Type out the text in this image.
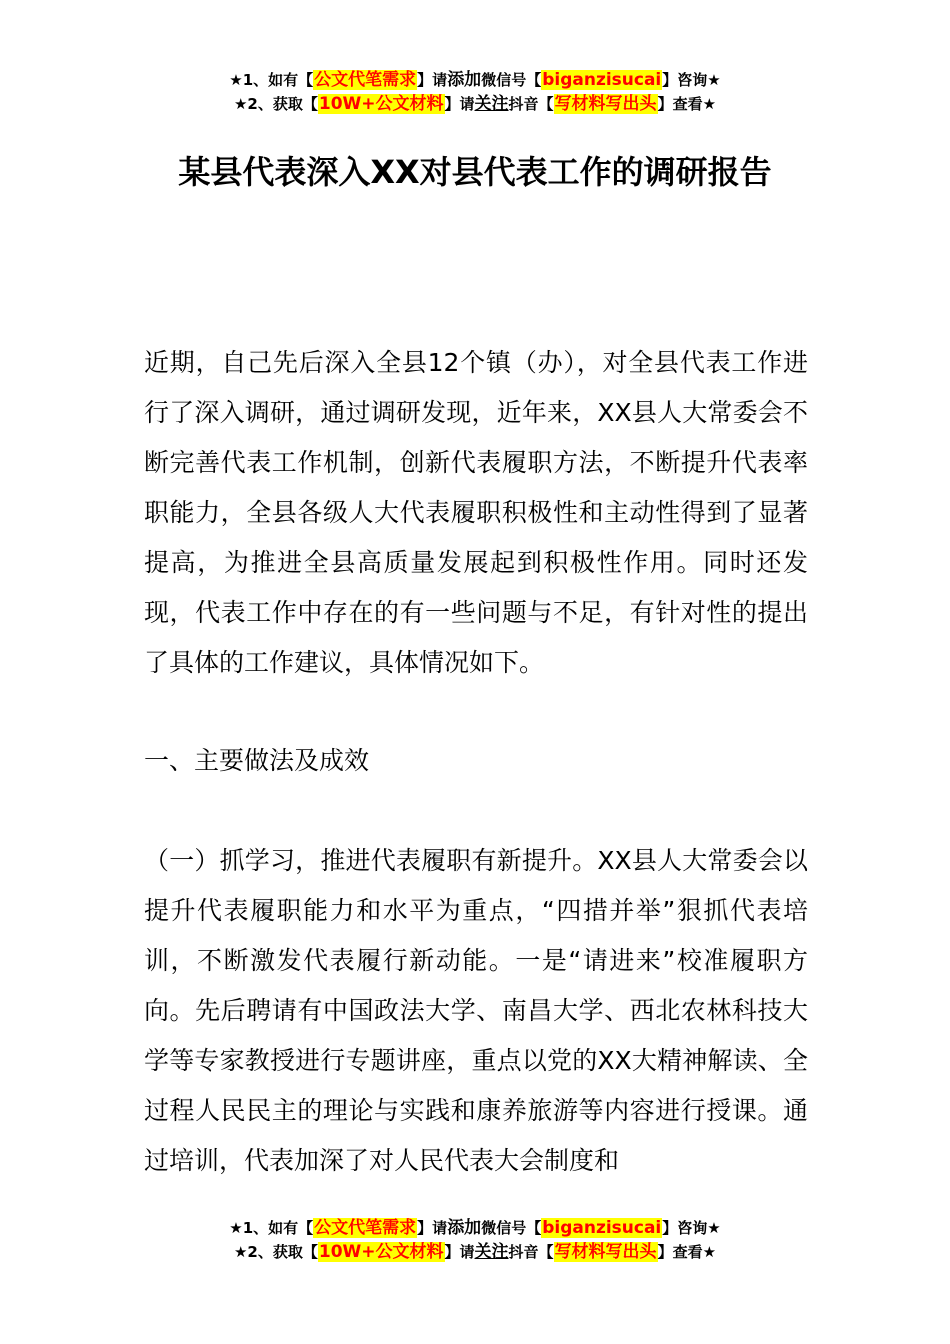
★1、如有【公文代笔需求】请添加微信号【biganzisucai】咨询★
★2、获取【10W+公文材料】请关注抖音【写材料写出头】查看★
某县代表深入XX对县代表工作的调研报告

近期，自己先后深入全县12个镇（办），对全县代表工作进行了深入调研，通过调研发现，近年来，XX县人大常委会不断完善代表工作机制，创新代表履职方法，不断提升代表率职能力，全县各级人大代表履职积极性和主动性得到了显著提高，为推进全县高质量发展起到积极性作用。同时还发现，代表工作中存在的有一些问题与不足，有针对性的提出了具体的工作建议，具体情况如下。

一、主要做法及成效

（一）抓学习，推进代表履职有新提升。XX县人大常委会以提升代表履职能力和水平为重点，“四措并举”狠抓代表培训，不断激发代表履行新动能。一是“请进来”校准履职方向。先后聘请有中国政法大学、南昌大学、西北农林科技大学等专家教授进行专题讲座，重点以党的XX大精神解读、全过程人民民主的理论与实践和康养旅游等内容进行授课。通过培训，代表加深了对人民代表大会制度和

★1、如有【公文代笔需求】请添加微信号【biganzisucai】咨询★
★2、获取【10W+公文材料】请关注抖音【写材料写出头】查看★
